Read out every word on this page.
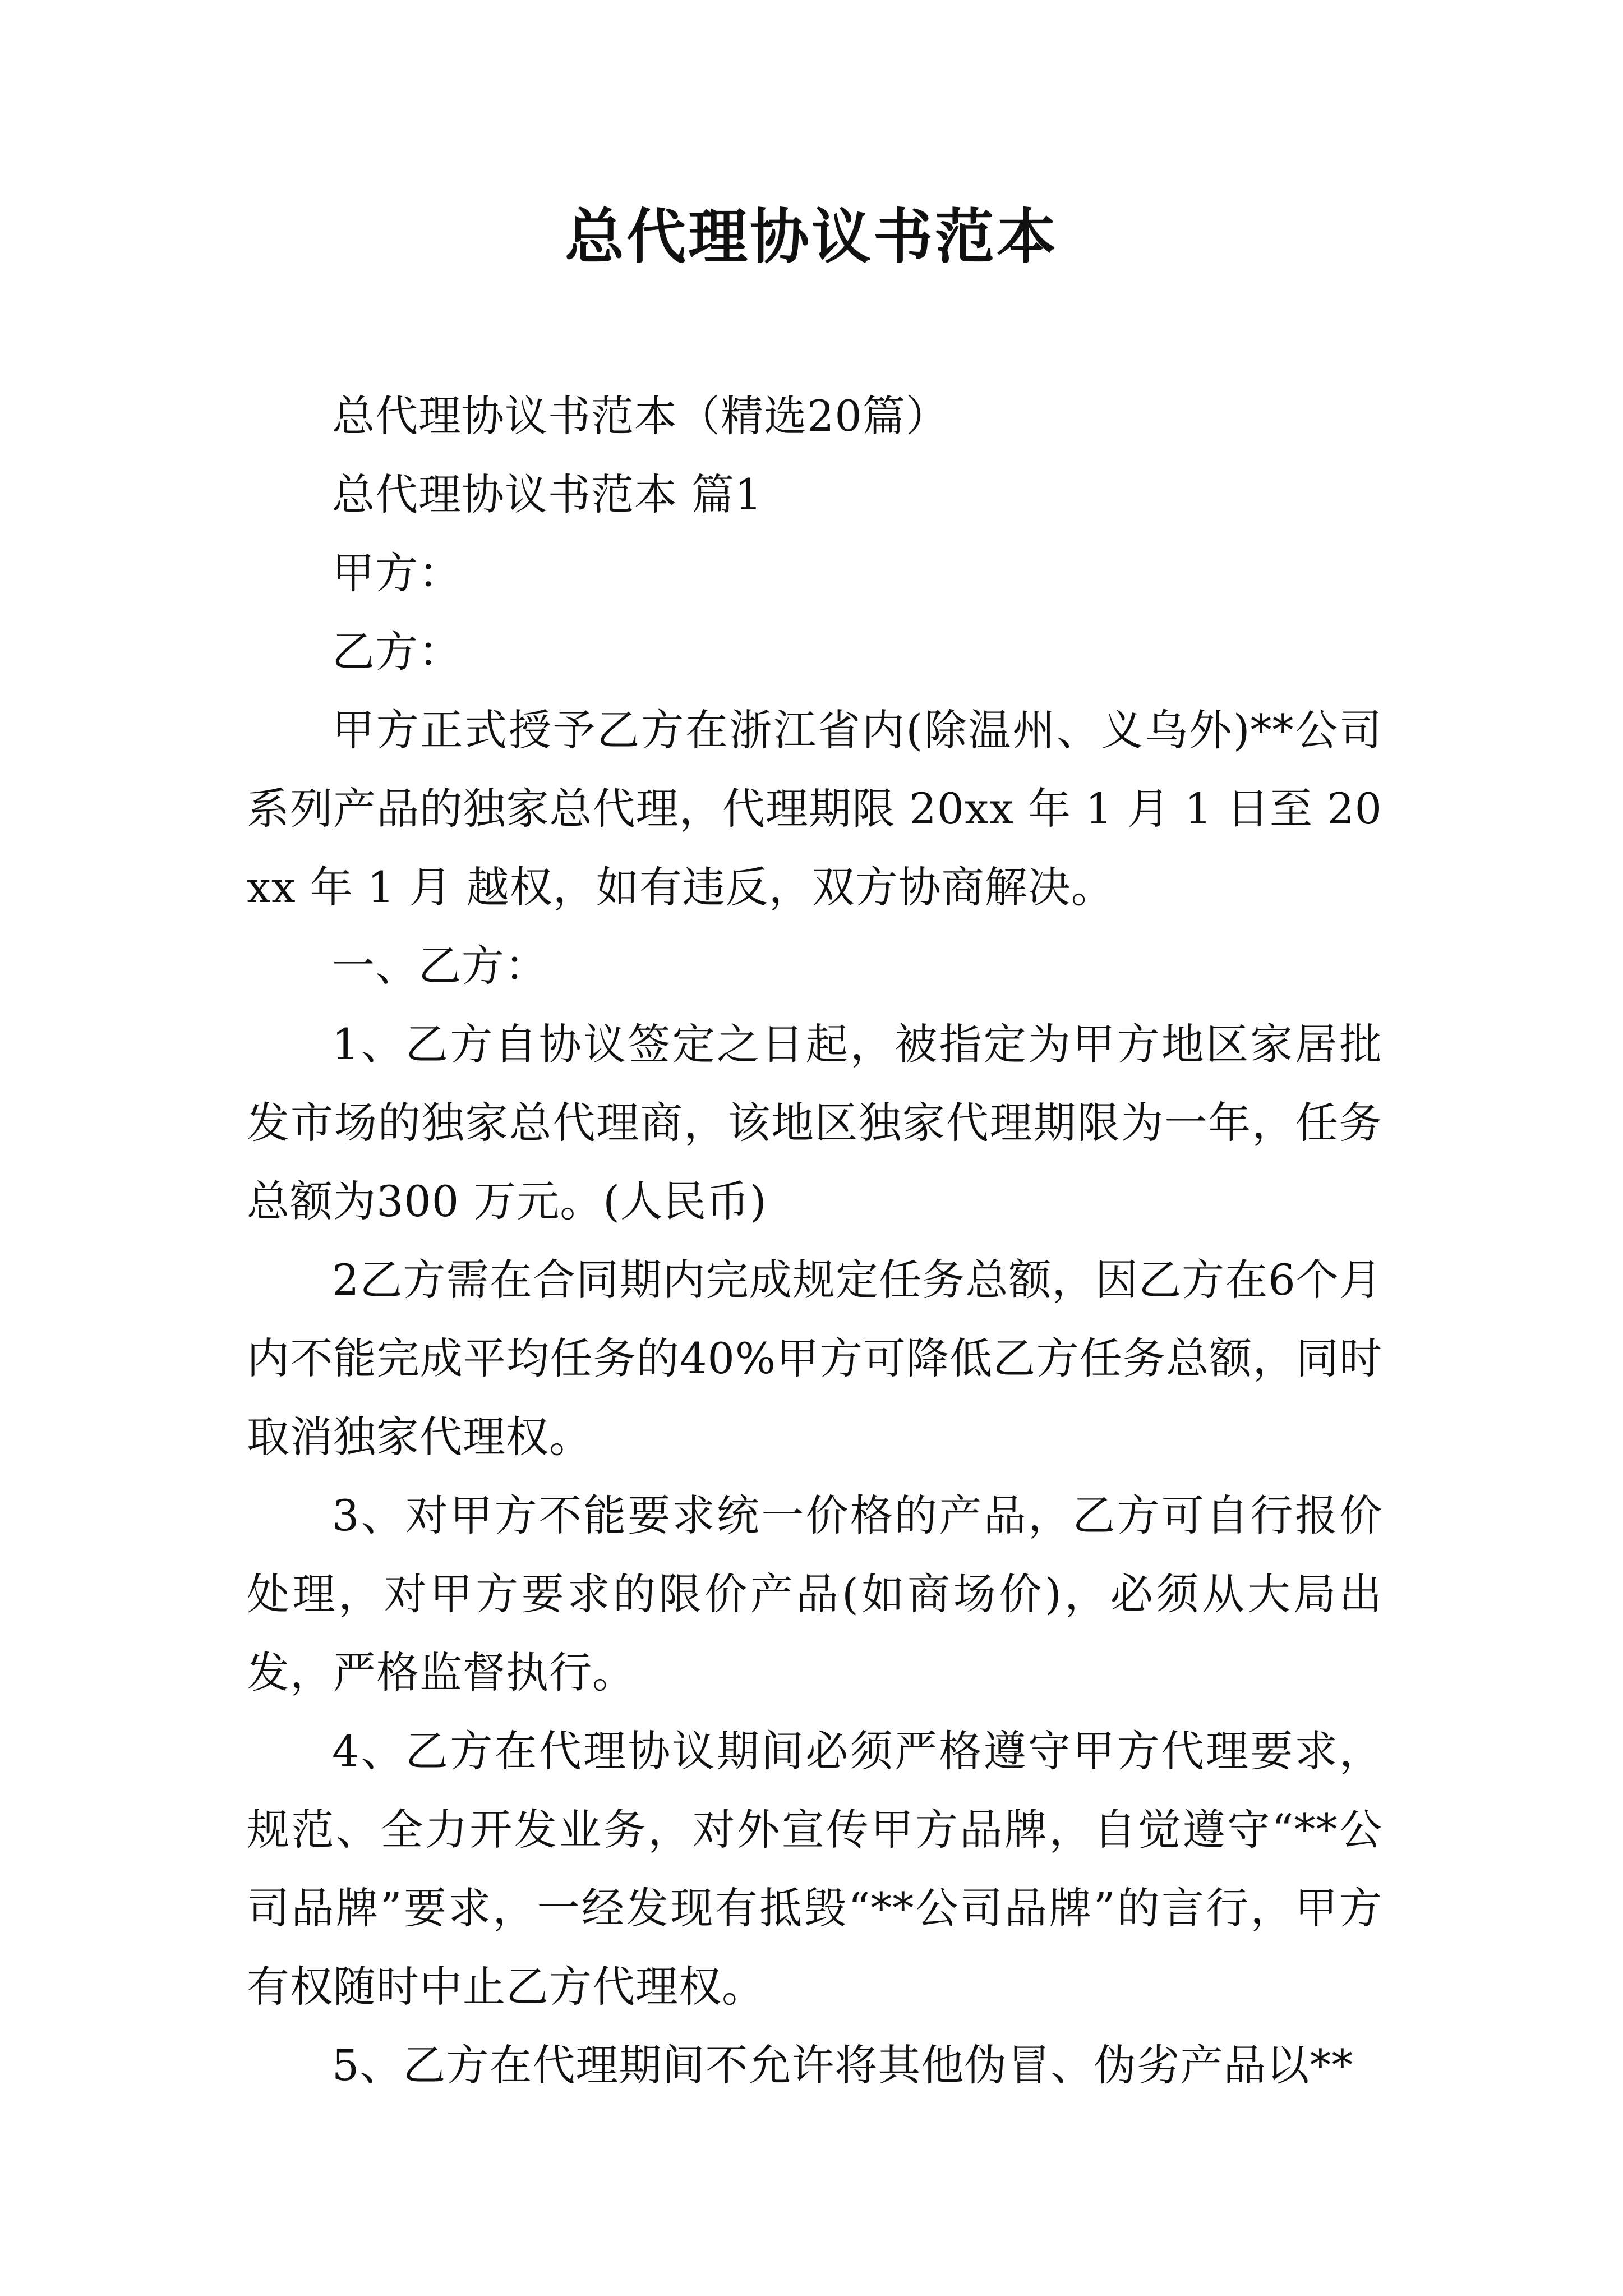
总代理协议书范本

总代理协议书范本（精选20篇）

总代理协议书范本 篇1

甲方：

乙方：

甲方正式授予乙方在浙江省内(除温州、义乌外)**公司系列产品的独家总代理，代理期限 20xx 年 1 月 1 日至 20xx 年 1 月 越权，如有违反，双方协商解决。

一、乙方：

1、乙方自协议签定之日起，被指定为甲方地区家居批发市场的独家总代理商，该地区独家代理期限为一年，任务总额为300 万元。(人民币)

2乙方需在合同期内完成规定任务总额，因乙方在6个月内不能完成平均任务的40%甲方可降低乙方任务总额，同时取消独家代理权。

3、对甲方不能要求统一价格的产品，乙方可自行报价处理，对甲方要求的限价产品(如商场价)，必须从大局出发，严格监督执行。

4、乙方在代理协议期间必须严格遵守甲方代理要求，规范、全力开发业务，对外宣传甲方品牌，自觉遵守“**公司品牌”要求，一经发现有抵毁“**公司品牌”的言行，甲方有权随时中止乙方代理权。

5、乙方在代理期间不允许将其他伪冒、伪劣产品以**
